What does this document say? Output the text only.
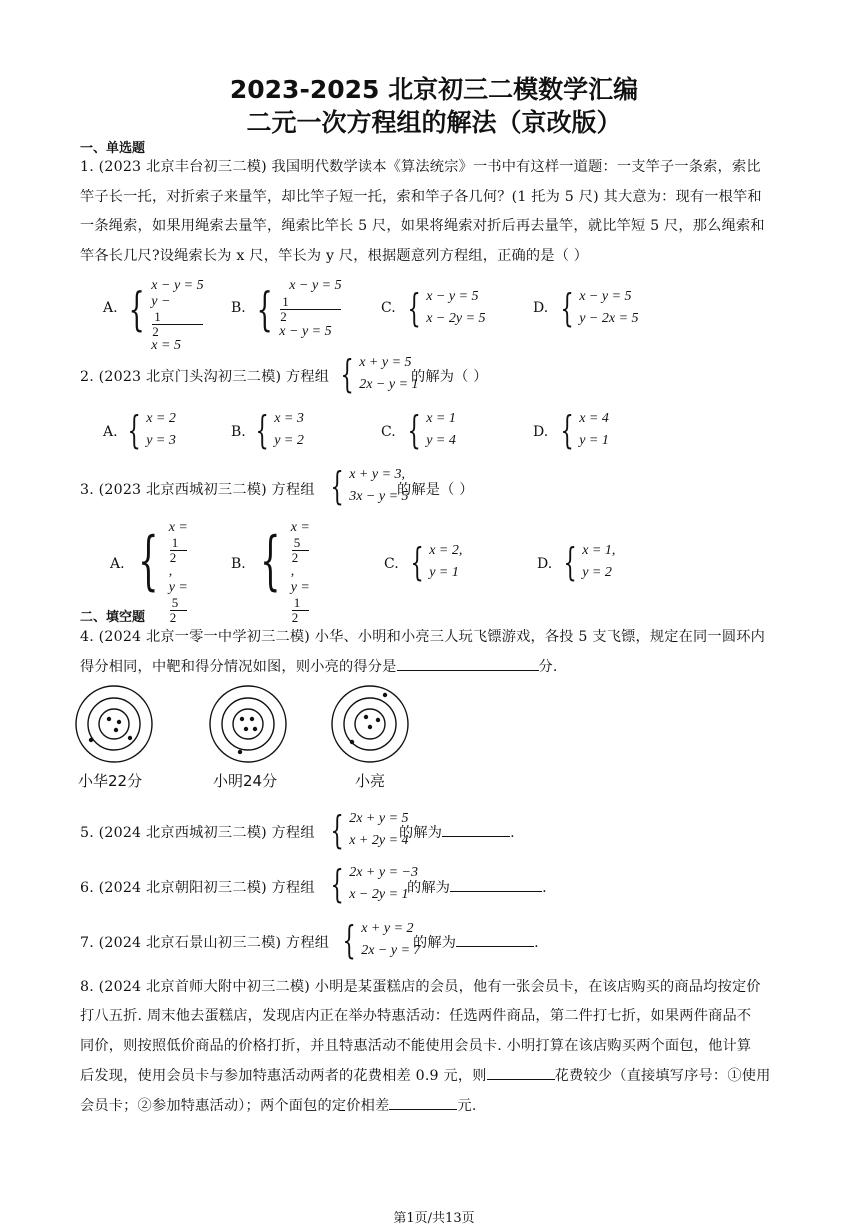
2023-2025 北京初三二模数学汇编
二元一次方程组的解法（京改版）
一、单选题
1. (2023 北京丰台初三二模) 我国明代数学读本《算法统宗》一书中有这样一道题：一支竿子一条索，索比
竿子长一托，对折索子来量竿，却比竿子短一托，索和竿子各几何？(1 托为 5 尺) 其大意为：现有一根竿和
一条绳索，如果用绳索去量竿，绳索比竿长 5 尺，如果将绳索对折后再去量竿，就比竿短 5 尺，那么绳索和
竿各长几尺?设绳索长为 x 尺，竿长为 y 尺，根据题意列方程组，正确的是（ ）
A. { x − y = 5
y −
1
2
x = 5
B. {	x − y = 5
1
2
x − y = 5
C. { x − y = 5
x − 2y = 5
D. { x − y = 5
y − 2x = 5
2. (2023 北京门头沟初三二模) 方程组 { x + y = 5
2x − y = 1
的解为（ ）
A. { x = 2
y = 3
B. { x = 3
y = 2
C. { x = 1
y = 4
D. { x = 4
y = 1
3. (2023 北京西城初三二模) 方程组 { x + y = 3,
3x − y = 5
的解是（ ）
A. { x =
1
2
,
y =
5
2
B. { x =
5
2
,
y =
1
2
C. { x = 2,
y = 1
D. { x = 1,
y = 2
二、填空题
4. (2024 北京一零一中学初三二模) 小华、小明和小亮三人玩飞镖游戏，各投 5 支飞镖，规定在同一圆环内
得分相同，中靶和得分情况如图，则小亮的得分是	分.
小华22分	小明24分	小亮
5. (2024 北京西城初三二模) 方程组 { 2x + y = 5
x + 2y = 4
的解为	.
6. (2024 北京朝阳初三二模) 方程组 { 2x + y = −3
x − 2y = 1
的解为	.
7. (2024 北京石景山初三二模) 方程组 { x + y = 2
2x − y = 7
的解为	.
8. (2024 北京首师大附中初三二模) 小明是某蛋糕店的会员，他有一张会员卡，在该店购买的商品均按定价
打八五折. 周末他去蛋糕店，发现店内正在举办特惠活动：任选两件商品，第二件打七折，如果两件商品不
同价，则按照低价商品的价格打折，并且特惠活动不能使用会员卡. 小明打算在该店购买两个面包，他计算
后发现，使用会员卡与参加特惠活动两者的花费相差 0.9 元，则	花费较少（直接填写序号：①使用
会员卡；②参加特惠活动）；两个面包的定价相差	元.
第1页/共13页
